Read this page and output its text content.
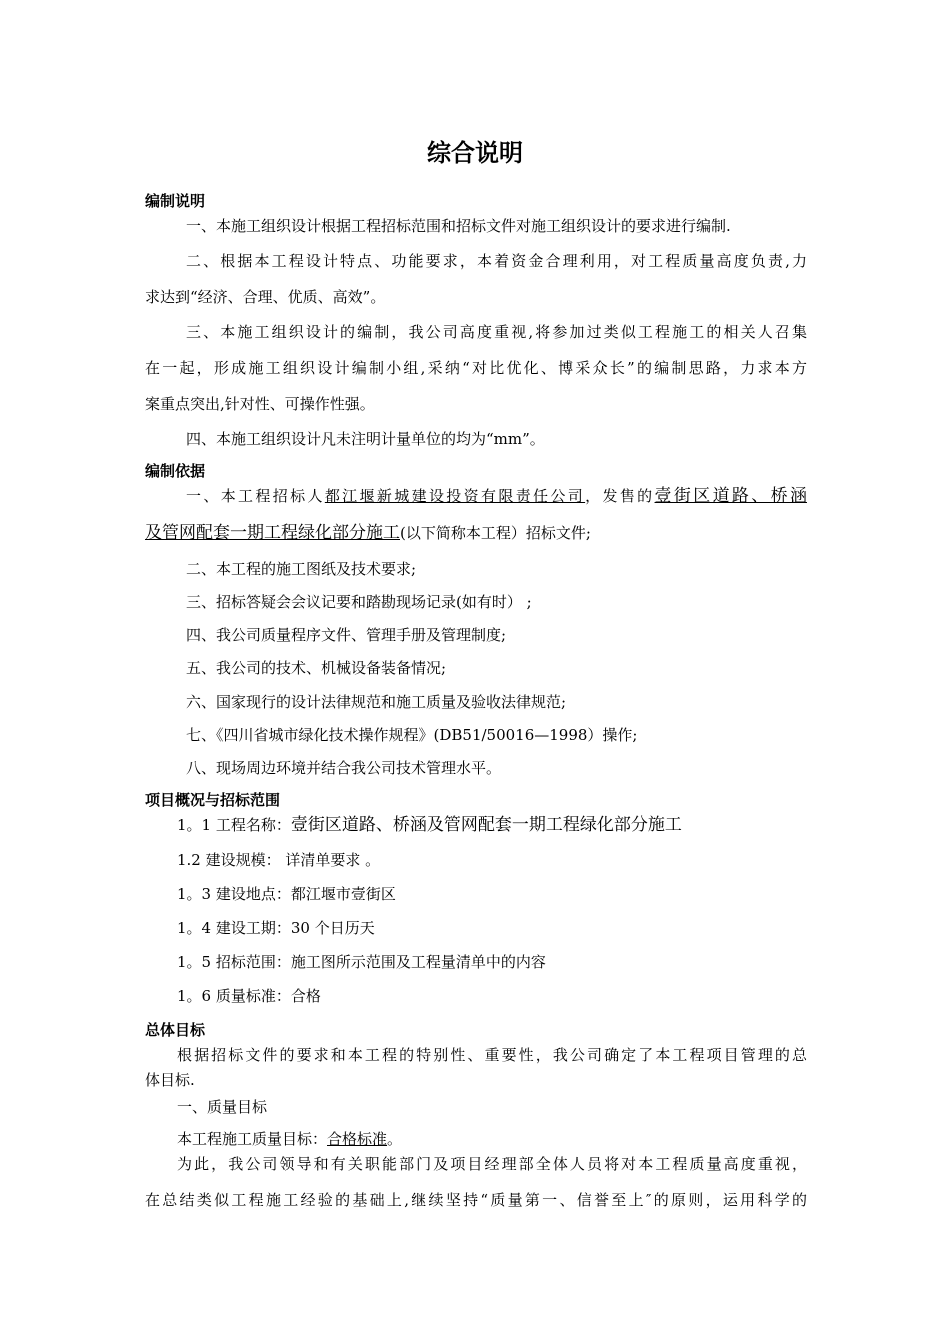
综合说明
编制说明
一、本施工组织设计根据工程招标范围和招标文件对施工组织设计的要求进行编制.
二、根据本工程设计特点、功能要求，本着资金合理利用，对工程质量高度负责,力
求达到“经济、合理、优质、高效”。
三、本施工组织设计的编制，我公司高度重视,将参加过类似工程施工的相关人召集
在一起，形成施工组织设计编制小组,采纳“对比优化、博采众长”的编制思路，力求本方
案重点突出,针对性、可操作性强。
四、本施工组织设计凡未注明计量单位的均为“mm”。
编制依据
一、本工程招标人都江堰新城建设投资有限责任公司，发售的壹街区道路、桥涵
及管网配套一期工程绿化部分施工(以下简称本工程）招标文件;
二、本工程的施工图纸及技术要求;
三、招标答疑会会议记要和踏勘现场记录(如有时） ;
四、我公司质量程序文件、管理手册及管理制度;
五、我公司的技术、机械设备装备情况;
六、国家现行的设计法律规范和施工质量及验收法律规范;
七、《四川省城市绿化技术操作规程》(DB51/50016—1998）操作;
八、现场周边环境并结合我公司技术管理水平。
项目概况与招标范围
1。1 工程名称：壹街区道路、桥涵及管网配套一期工程绿化部分施工
1.2 建设规模： 详清单要求 。
1。3 建设地点：都江堰市壹街区
1。4 建设工期：30 个日历天
1。5 招标范围：施工图所示范围及工程量清单中的内容
1。6 质量标准：合格
总体目标
根据招标文件的要求和本工程的特别性、重要性，我公司确定了本工程项目管理的总
体目标.
一、质量目标
本工程施工质量目标：合格标准。
为此，我公司领导和有关职能部门及项目经理部全体人员将对本工程质量高度重视，
在总结类似工程施工经验的基础上,继续坚持“质量第一、信誉至上″的原则，运用科学的
